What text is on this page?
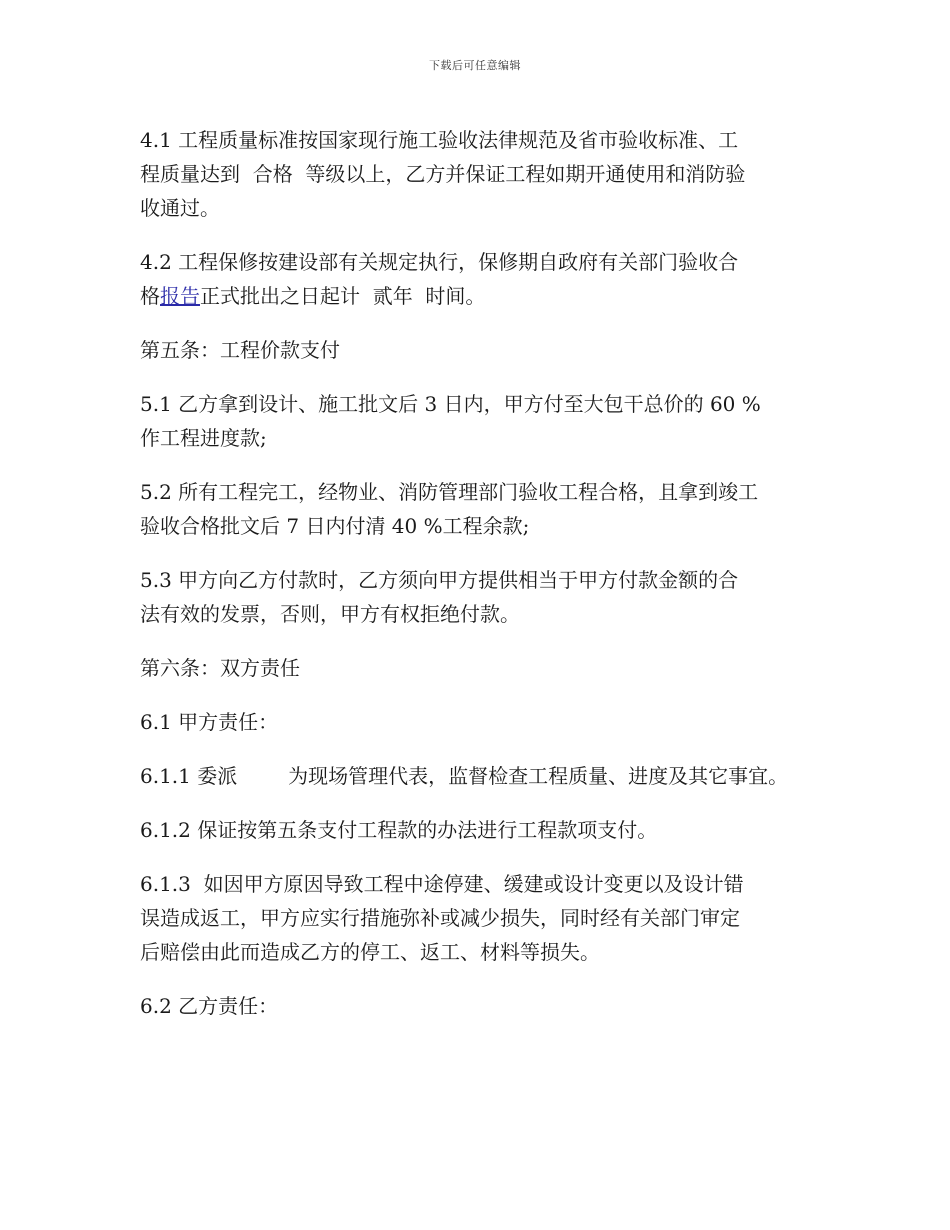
下载后可任意编辑
4.1 工程质量标准按国家现行施工验收法律规范及省市验收标准、工
程质量达到  合格  等级以上，乙方并保证工程如期开通使用和消防验
收通过。
4.2 工程保修按建设部有关规定执行，保修期自政府有关部门验收合
格报告正式批出之日起计  贰年  时间。
第五条：工程价款支付
5.1 乙方拿到设计、施工批文后 3 日内，甲方付至大包干总价的 60 %
作工程进度款;
5.2 所有工程完工，经物业、消防管理部门验收工程合格，且拿到竣工
验收合格批文后 7 日内付清 40 %工程余款;
5.3 甲方向乙方付款时，乙方须向甲方提供相当于甲方付款金额的合
法有效的发票，否则，甲方有权拒绝付款。
第六条：双方责任
6.1 甲方责任：
6.1.1 委派        为现场管理代表，监督检查工程质量、进度及其它事宜。
6.1.2 保证按第五条支付工程款的办法进行工程款项支付。
6.1.3  如因甲方原因导致工程中途停建、缓建或设计变更以及设计错
误造成返工，甲方应实行措施弥补或减少损失，同时经有关部门审定
后赔偿由此而造成乙方的停工、返工、材料等损失。
6.2 乙方责任：
